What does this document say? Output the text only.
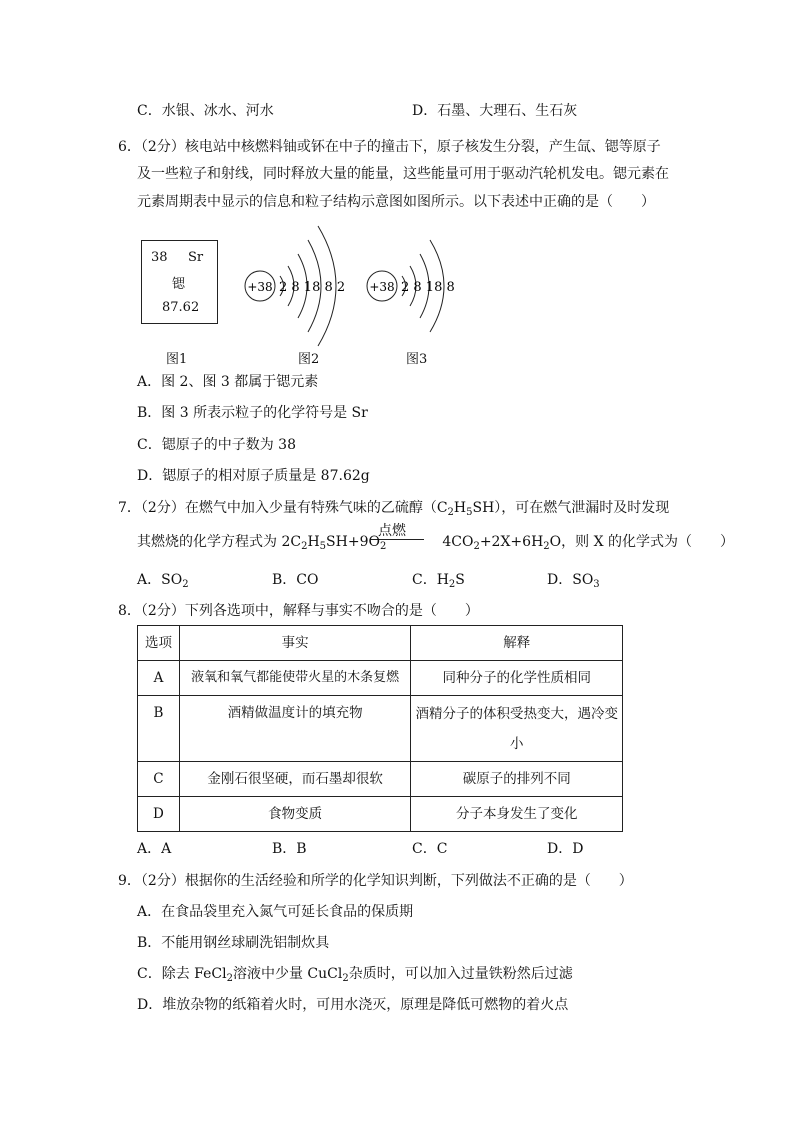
C．水银、冰水、河水	D．石墨、大理石、生石灰
6．（2分）核电站中核燃料铀或钚在中子的撞击下，原子核发生分裂，产生氙、锶等原子
及一些粒子和射线，同时释放大量的能量，这些能量可用于驱动汽轮机发电。锶元素在
元素周期表中显示的信息和粒子结构示意图如图所示。以下表述中正确的是（　　）
38 Sr
锶
87.62
+38 2 8 18 8 2 +38 2 8 18 8
图1	图2	图3
A．图 2、图 3 都属于锶元素
B．图 3 所表示粒子的化学符号是 Sr
C．锶原子的中子数为 38
D．锶原子的相对原子质量是 87.62g
7．（2分）在燃气中加入少量有特殊气味的乙硫醇$(C_2H_5SH)$，可在燃气泄漏时及时发现
点燃
其燃烧的化学方程式为 $2C_2H_5SH+9O_2$	$4CO_2+2X+6H_2O$，则 X 的化学式为（　　）
A．$SO_2$	B．CO	C．$H_2S$	D．$SO_3$
8．（2分）下列各选项中，解释与事实不吻合的是（　　）
选项	事实	解释
A	液氧和氧气都能使带火星的木条复燃	同种分子的化学性质相同
B	酒精做温度计的填充物	酒精分子的体积受热变大，遇冷变小
C	金刚石很坚硬，而石墨却很软	碳原子的排列不同
D	食物变质	分子本身发生了变化
A．A	B．B	C．C	D．D
9．（2分）根据你的生活经验和所学的化学知识判断，下列做法不正确的是（　　）
A．在食品袋里充入氮气可延长食品的保质期
B．不能用钢丝球刷洗铝制炊具
C．除去 FeCl$_2$溶液中少量 CuCl$_2$杂质时，可以加入过量铁粉然后过滤
D．堆放杂物的纸箱着火时，可用水浇灭，原理是降低可燃物的着火点
